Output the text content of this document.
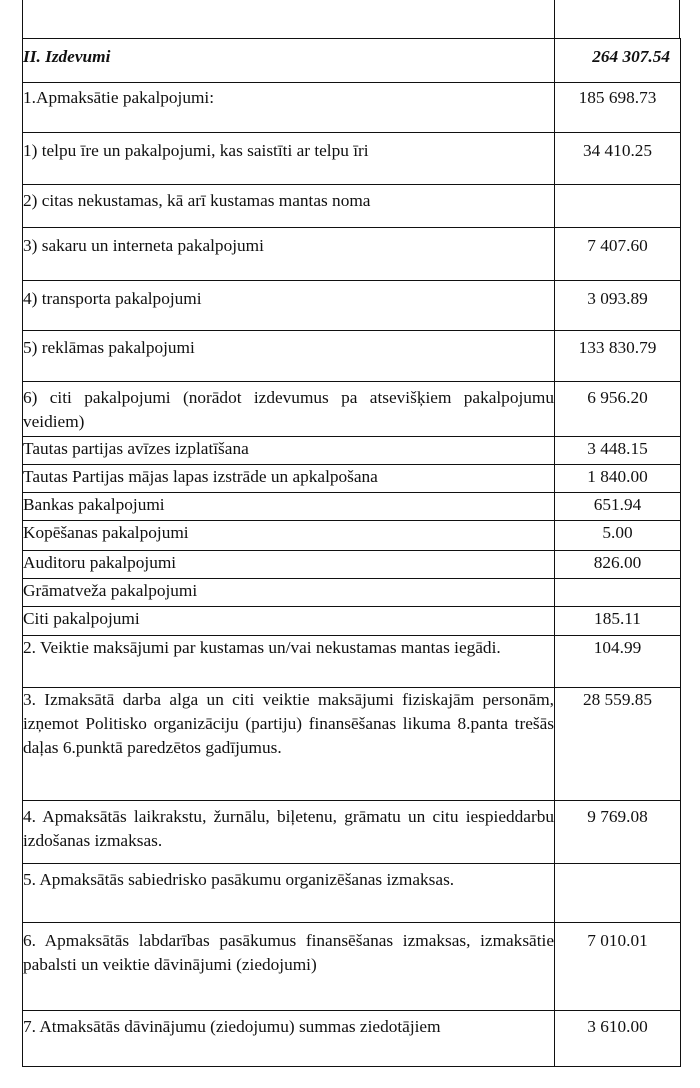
II. Izdevumi	264 307.54
1.Apmaksātie pakalpojumi:	185 698.73
1) telpu īre un pakalpojumi, kas saistīti ar telpu īri	34 410.25
2) citas nekustamas, kā arī kustamas mantas noma	
3) sakaru un interneta pakalpojumi	7 407.60
4) transporta pakalpojumi	3 093.89
5) reklāmas pakalpojumi	133 830.79
6) citi pakalpojumi (norādot izdevumus pa atsevišķiem pakalpojumu veidiem)	6 956.20
Tautas partijas avīzes izplatīšana	3 448.15
Tautas Partijas mājas lapas izstrāde un apkalpošana	1 840.00
Bankas pakalpojumi	651.94
Kopēšanas pakalpojumi	5.00
Auditoru pakalpojumi	826.00
Grāmatveža pakalpojumi	
Citi pakalpojumi	185.11
2. Veiktie maksājumi par kustamas un/vai nekustamas mantas iegādi.	104.99
3. Izmaksātā darba alga un citi veiktie maksājumi fiziskajām personām, izņemot Politisko organizāciju (partiju) finansēšanas likuma 8.panta trešās daļas 6.punktā paredzētos gadījumus.	28 559.85
4. Apmaksātās laikrakstu, žurnālu, biļetenu, grāmatu un citu iespieddarbu izdošanas izmaksas.	9 769.08
5. Apmaksātās sabiedrisko pasākumu organizēšanas izmaksas.	
6. Apmaksātās labdarības pasākumus finansēšanas izmaksas, izmaksātie pabalsti un veiktie dāvinājumi (ziedojumi)	7 010.01
7. Atmaksātās dāvinājumu (ziedojumu) summas ziedotājiem	3 610.00
